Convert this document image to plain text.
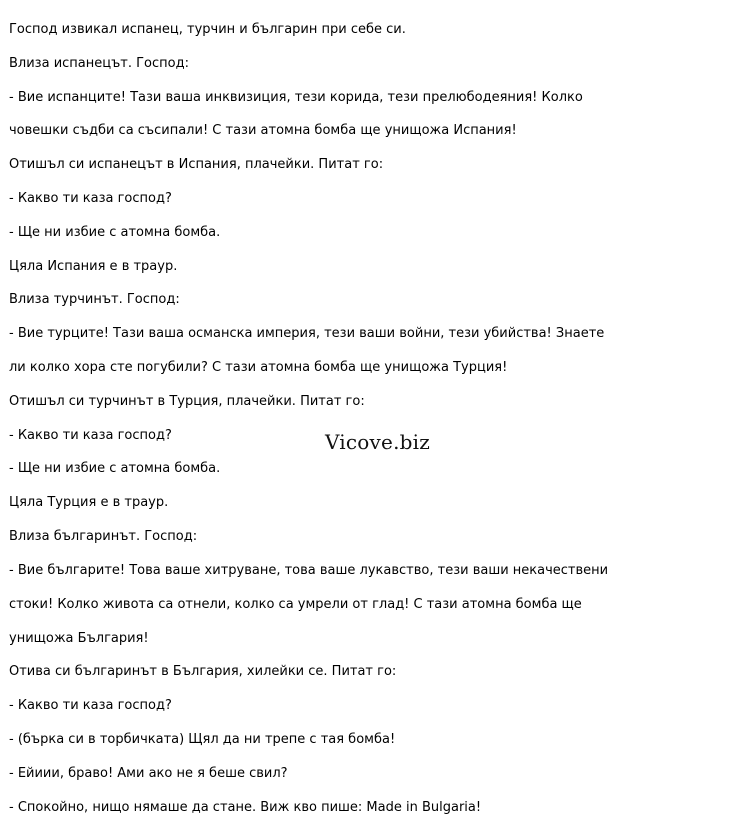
Господ извикал испанец, турчин и българин при себе си.

Влиза испанецът. Господ:

- Вие испанците! Тази ваша инквизиция, тези корида, тези прелюбодеяния! Колко

човешки съдби са съсипали! С тази атомна бомба ще унищожа Испания!

Отишъл си испанецът в Испания, плачейки. Питат го:

- Какво ти каза господ?

- Ще ни избие с атомна бомба.

Цяла Испания е в траур.

Влиза турчинът. Господ:

- Вие турците! Тази ваша османска империя, тези ваши войни, тези убийства! Знаете

ли колко хора сте погубили? С тази атомна бомба ще унищожа Турция!

Отишъл си турчинът в Турция, плачейки. Питат го:

- Какво ти каза господ?

- Ще ни избие с атомна бомба.

Цяла Турция е в траур.

Влиза българинът. Господ:

- Вие българите! Това ваше хитруване, това ваше лукавство, тези ваши некачествени

стоки! Колко живота са отнели, колко са умрели от глад! С тази атомна бомба ще

унищожа България!

Отива си българинът в България, хилейки се. Питат го:

- Какво ти каза господ?

- (бърка си в торбичката) Щял да ни трепе с тая бомба!

- Ейиии, браво! Ами ако не я беше свил?

- Спокойно, нищо нямаше да стане. Виж кво пише: Made in Bulgaria!

Vicove.biz
